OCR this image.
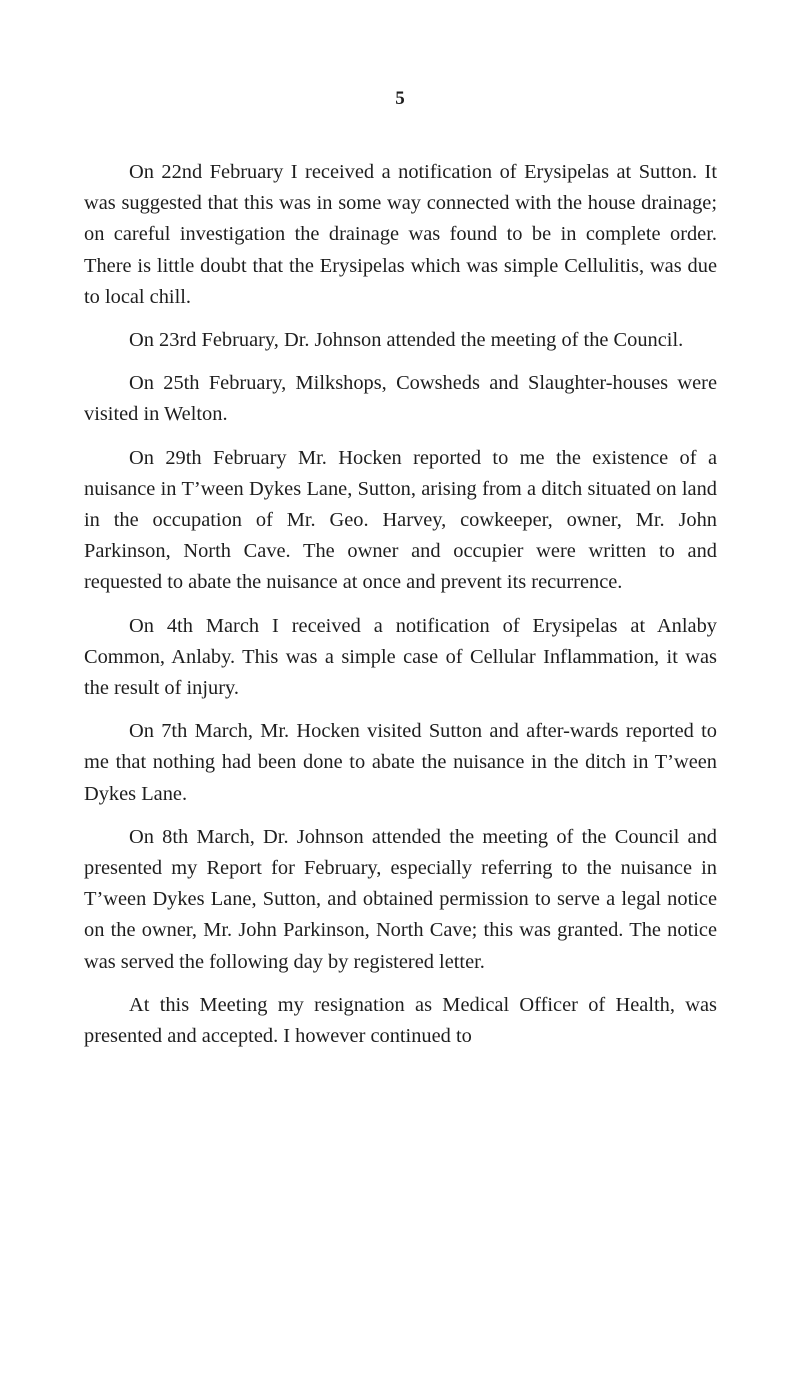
5

On 22nd February I received a notification of Erysipelas at Sutton. It was suggested that this was in some way connected with the house drainage; on careful investigation the drainage was found to be in complete order. There is little doubt that the Erysipelas which was simple Cellulitis, was due to local chill.

On 23rd February, Dr. Johnson attended the meeting of the Council.

On 25th February, Milkshops, Cowsheds and Slaughter-houses were visited in Welton.

On 29th February Mr. Hocken reported to me the existence of a nuisance in T’ween Dykes Lane, Sutton, arising from a ditch situated on land in the occupation of Mr. Geo. Harvey, cowkeeper, owner, Mr. John Parkinson, North Cave. The owner and occupier were written to and requested to abate the nuisance at once and prevent its recurrence.

On 4th March I received a notification of Erysipelas at Anlaby Common, Anlaby. This was a simple case of Cellular Inflammation, it was the result of injury.

On 7th March, Mr. Hocken visited Sutton and after-wards reported to me that nothing had been done to abate the nuisance in the ditch in T’ween Dykes Lane.

On 8th March, Dr. Johnson attended the meeting of the Council and presented my Report for February, especially referring to the nuisance in T’ween Dykes Lane, Sutton, and obtained permission to serve a legal notice on the owner, Mr. John Parkinson, North Cave; this was granted. The notice was served the following day by registered letter.

At this Meeting my resignation as Medical Officer of Health, was presented and accepted. I however continued to
